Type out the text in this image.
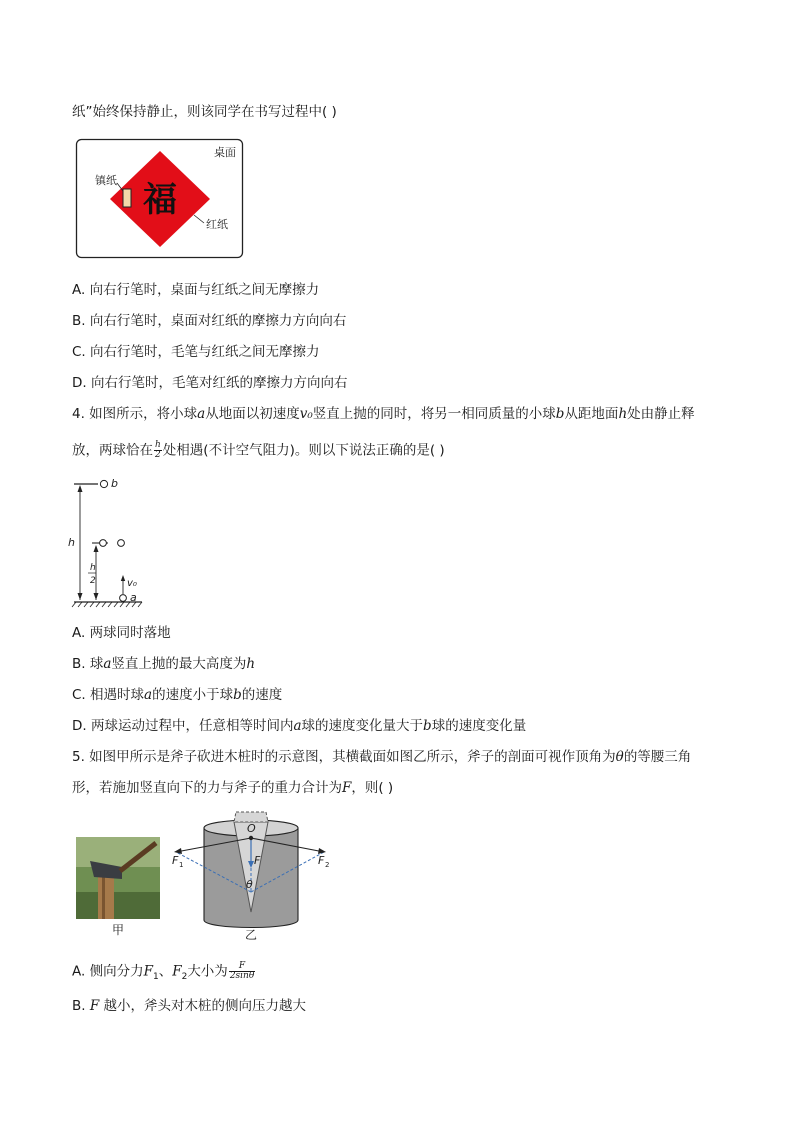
纸”始终保持静止，则该同学在书写过程中( )
福
镇纸
桌面
红纸
A. 向右行笔时，桌面与红纸之间无摩擦力
B. 向右行笔时，桌面对红纸的摩擦力方向向右
C. 向右行笔时，毛笔与红纸之间无摩擦力
D. 向右行笔时，毛笔对红纸的摩擦力方向向右
4. 如图所示，将小球a从地面以初速度v₀竖直上抛的同时，将另一相同质量的小球b从距地面h处由静止释
放，两球恰在 $\frac{h}{2}$ 处相遇(不计空气阻力)。则以下说法正确的是( )
b
h
h
2	v₀
a
A. 两球同时落地
B. 球a竖直上抛的最大高度为h
C. 相遇时球a的速度小于球b的速度
D. 两球运动过程中，任意相等时间内a球的速度变化量大于b球的速度变化量
5. 如图甲所示是斧子砍进木桩时的示意图，其横截面如图乙所示，斧子的剖面可视作顶角为θ的等腰三角
形，若施加竖直向下的力与斧子的重力合计为F，则( )
甲
O
F
F 1	F 2
θ
乙
A. 侧向分力$F_1$、$F_2$大小为 $\frac{F}{2\sin\theta}$
B. F 越小，斧头对木桩的侧向压力越大
